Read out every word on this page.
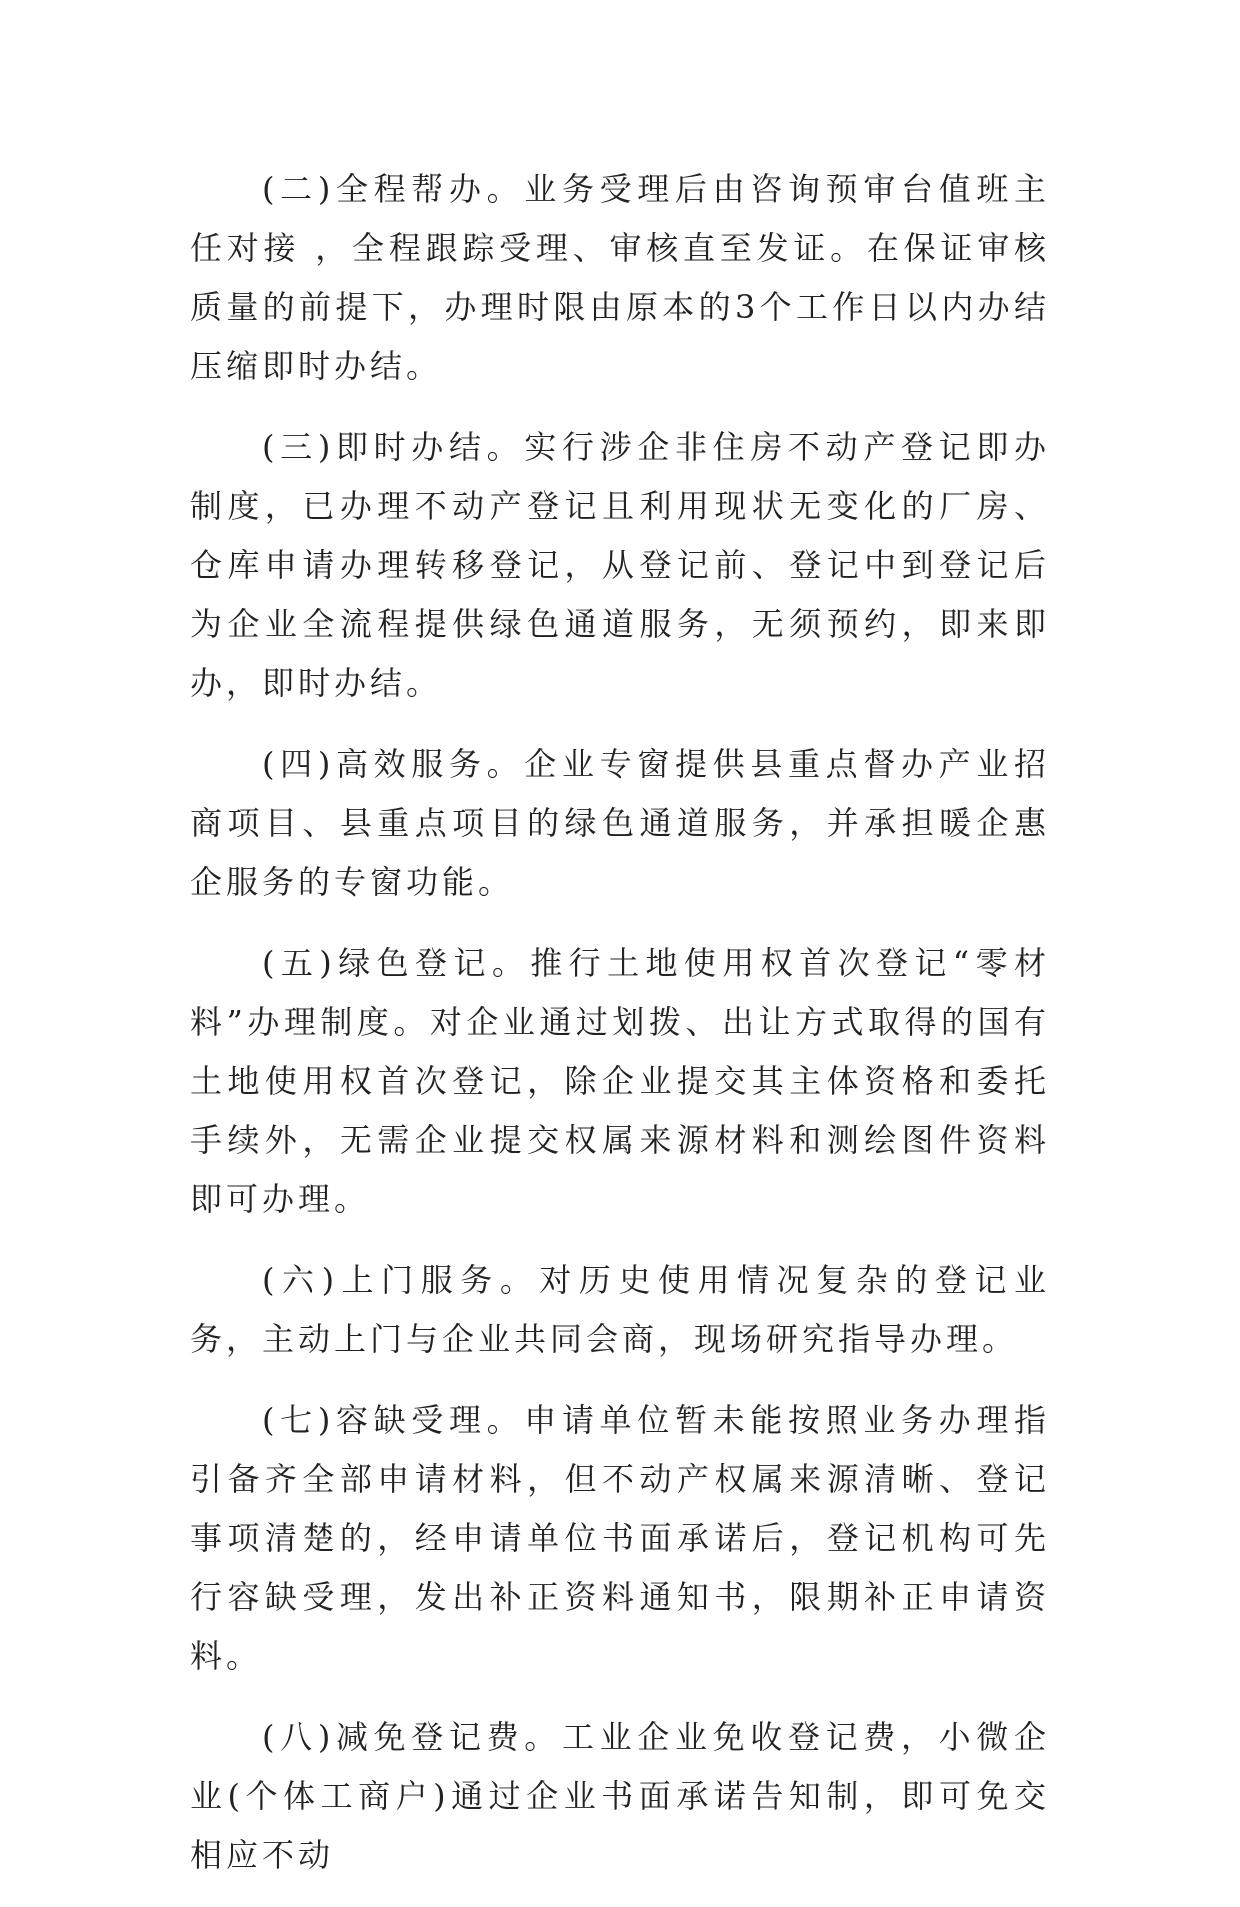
(二)全程帮办。业务受理后由咨询预审台值班主任对接 ，全程跟踪受理、审核直至发证。在保证审核质量的前提下，办理时限由原本的3个工作日以内办结压缩即时办结。

(三)即时办结。实行涉企非住房不动产登记即办制度，已办理不动产登记且利用现状无变化的厂房、仓库申请办理转移登记，从登记前、登记中到登记后为企业全流程提供绿色通道服务，无须预约，即来即办，即时办结。

(四)高效服务。企业专窗提供县重点督办产业招商项目、县重点项目的绿色通道服务，并承担暖企惠企服务的专窗功能。

(五)绿色登记。推行土地使用权首次登记“零材料”办理制度。对企业通过划拨、出让方式取得的国有土地使用权首次登记，除企业提交其主体资格和委托手续外，无需企业提交权属来源材料和测绘图件资料即可办理。

(六)上门服务。对历史使用情况复杂的登记业务，主动上门与企业共同会商，现场研究指导办理。

(七)容缺受理。申请单位暂未能按照业务办理指引备齐全部申请材料，但不动产权属来源清晰、登记事项清楚的，经申请单位书面承诺后，登记机构可先行容缺受理，发出补正资料通知书，限期补正申请资料。

(八)减免登记费。工业企业免收登记费，小微企业(个体工商户)通过企业书面承诺告知制，即可免交相应不动
